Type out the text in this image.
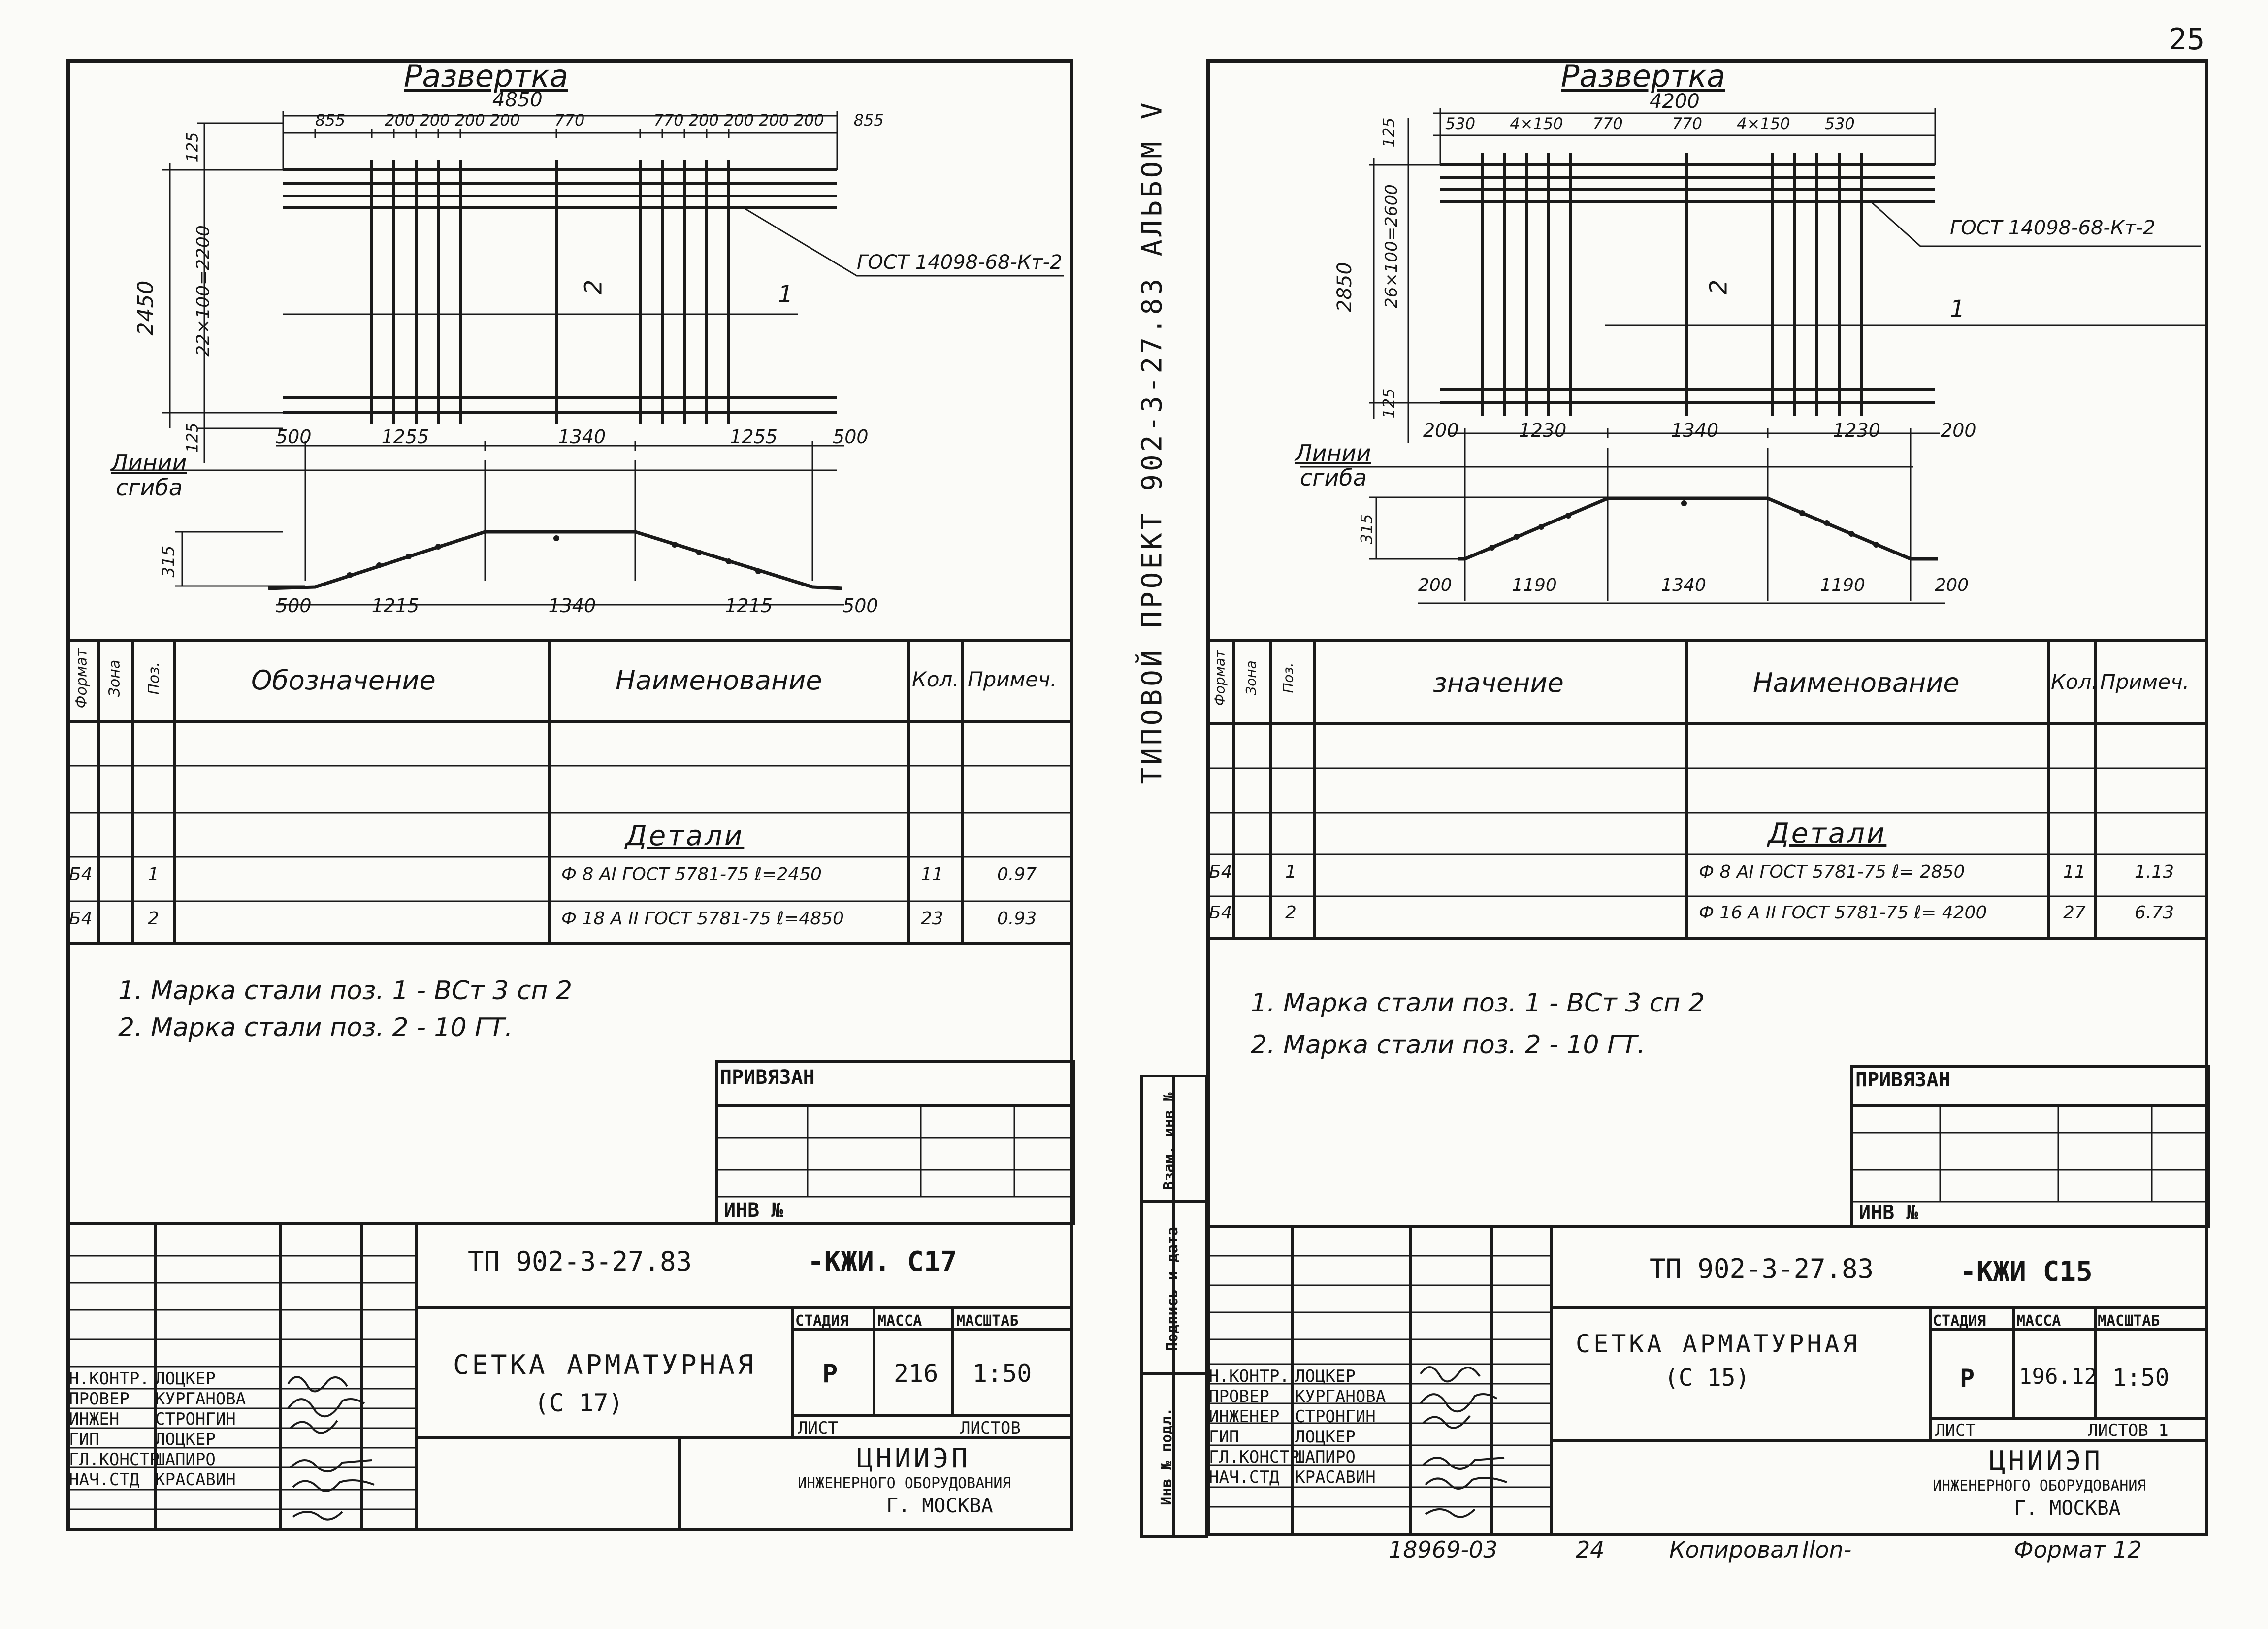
Развертка
4850
855	200 200 200 200 770	770 200 200 200 200 855
125
2450 22×100=2200
125	500	1255	1340	1255	500
ГОСТ 14098-68-Кт-2
1
2
Линии
сгиба
315
500	1215	1340	1215	500
Формат Зона Поз.	Обозначение	Наименование	Кол. Примеч.
Детали
Б4	1	Ф 8 АI ГОСТ 5781-75 ℓ=2450	11	0.97
Б4	2	Ф 18 А II ГОСТ 5781-75 ℓ=4850	23	0.93
1. Марка стали поз. 1 - ВСт 3 сп 2
2. Марка стали поз. 2 - 10 ГТ.
ПРИВЯЗАН
ИНВ №
ТП 902-3-27.83	-КЖИ. С17
СЕТКА АРМАТУРНАЯ
(С 17)
СТАДИЯ МАССА МАСШТАБ
Р 216 1:50
ЛИСТ	ЛИСТОВ
ЦНИИЭП
ИНЖЕНЕРНОГО ОБОРУДОВАНИЯ
Г. МОСКВА
Н.КОНТР. ЛОЦКЕР
ПРОВЕР КУРГАНОВА
ИНЖЕН СТРОНГИН
ГИП	ЛОЦКЕР
ГЛ.КОНСТРШАПИРО
НАЧ.СТД КРАСАВИН
ТИПОВОЙ ПРОЕКТ 902-3-27.83 АЛЬБОМ V
25
Инв № подл.
Подпись и дата
Взам. инв №
Развертка
4200
530 4×150 770	770 4×150 530
125
2850 26×100=2600
125
200	1230	1340	1230	200
ГОСТ 14098-68-Кт-2
1
2
Линии
сгиба
315
200	1190	1340	1190	200
Формат Зона Поз.	значение	Наименование	Кол. Примеч.
Детали
Б4	1	Ф 8 АI ГОСТ 5781-75 ℓ= 2850	11	1.13
Б4	2	Ф 16 А II ГОСТ 5781-75 ℓ= 4200	27	6.73
1. Марка стали поз. 1 - ВСт 3 сп 2
2. Марка стали поз. 2 - 10 ГТ.
ПРИВЯЗАН
ИНВ №
ТП 902-3-27.83	-КЖИ С15
СЕТКА АРМАТУРНАЯ
(С 15)
СТАДИЯ МАССА МАСШТАБ
Р 196.12 1:50
ЛИСТ	ЛИСТОВ 1
ЦНИИЭП
ИНЖЕНЕРНОГО ОБОРУДОВАНИЯ
Г. МОСКВА
Н.КОНТР. ЛОЦКЕР
ПРОВЕР КУРГАНОВА
ИНЖЕНЕР СТРОНГИН
ГИП	ЛОЦКЕР
ГЛ.КОНСТРШАПИРО
НАЧ.СТД КРАСАВИН
18969-03	24	Копировал Ilon-	Формат 12
